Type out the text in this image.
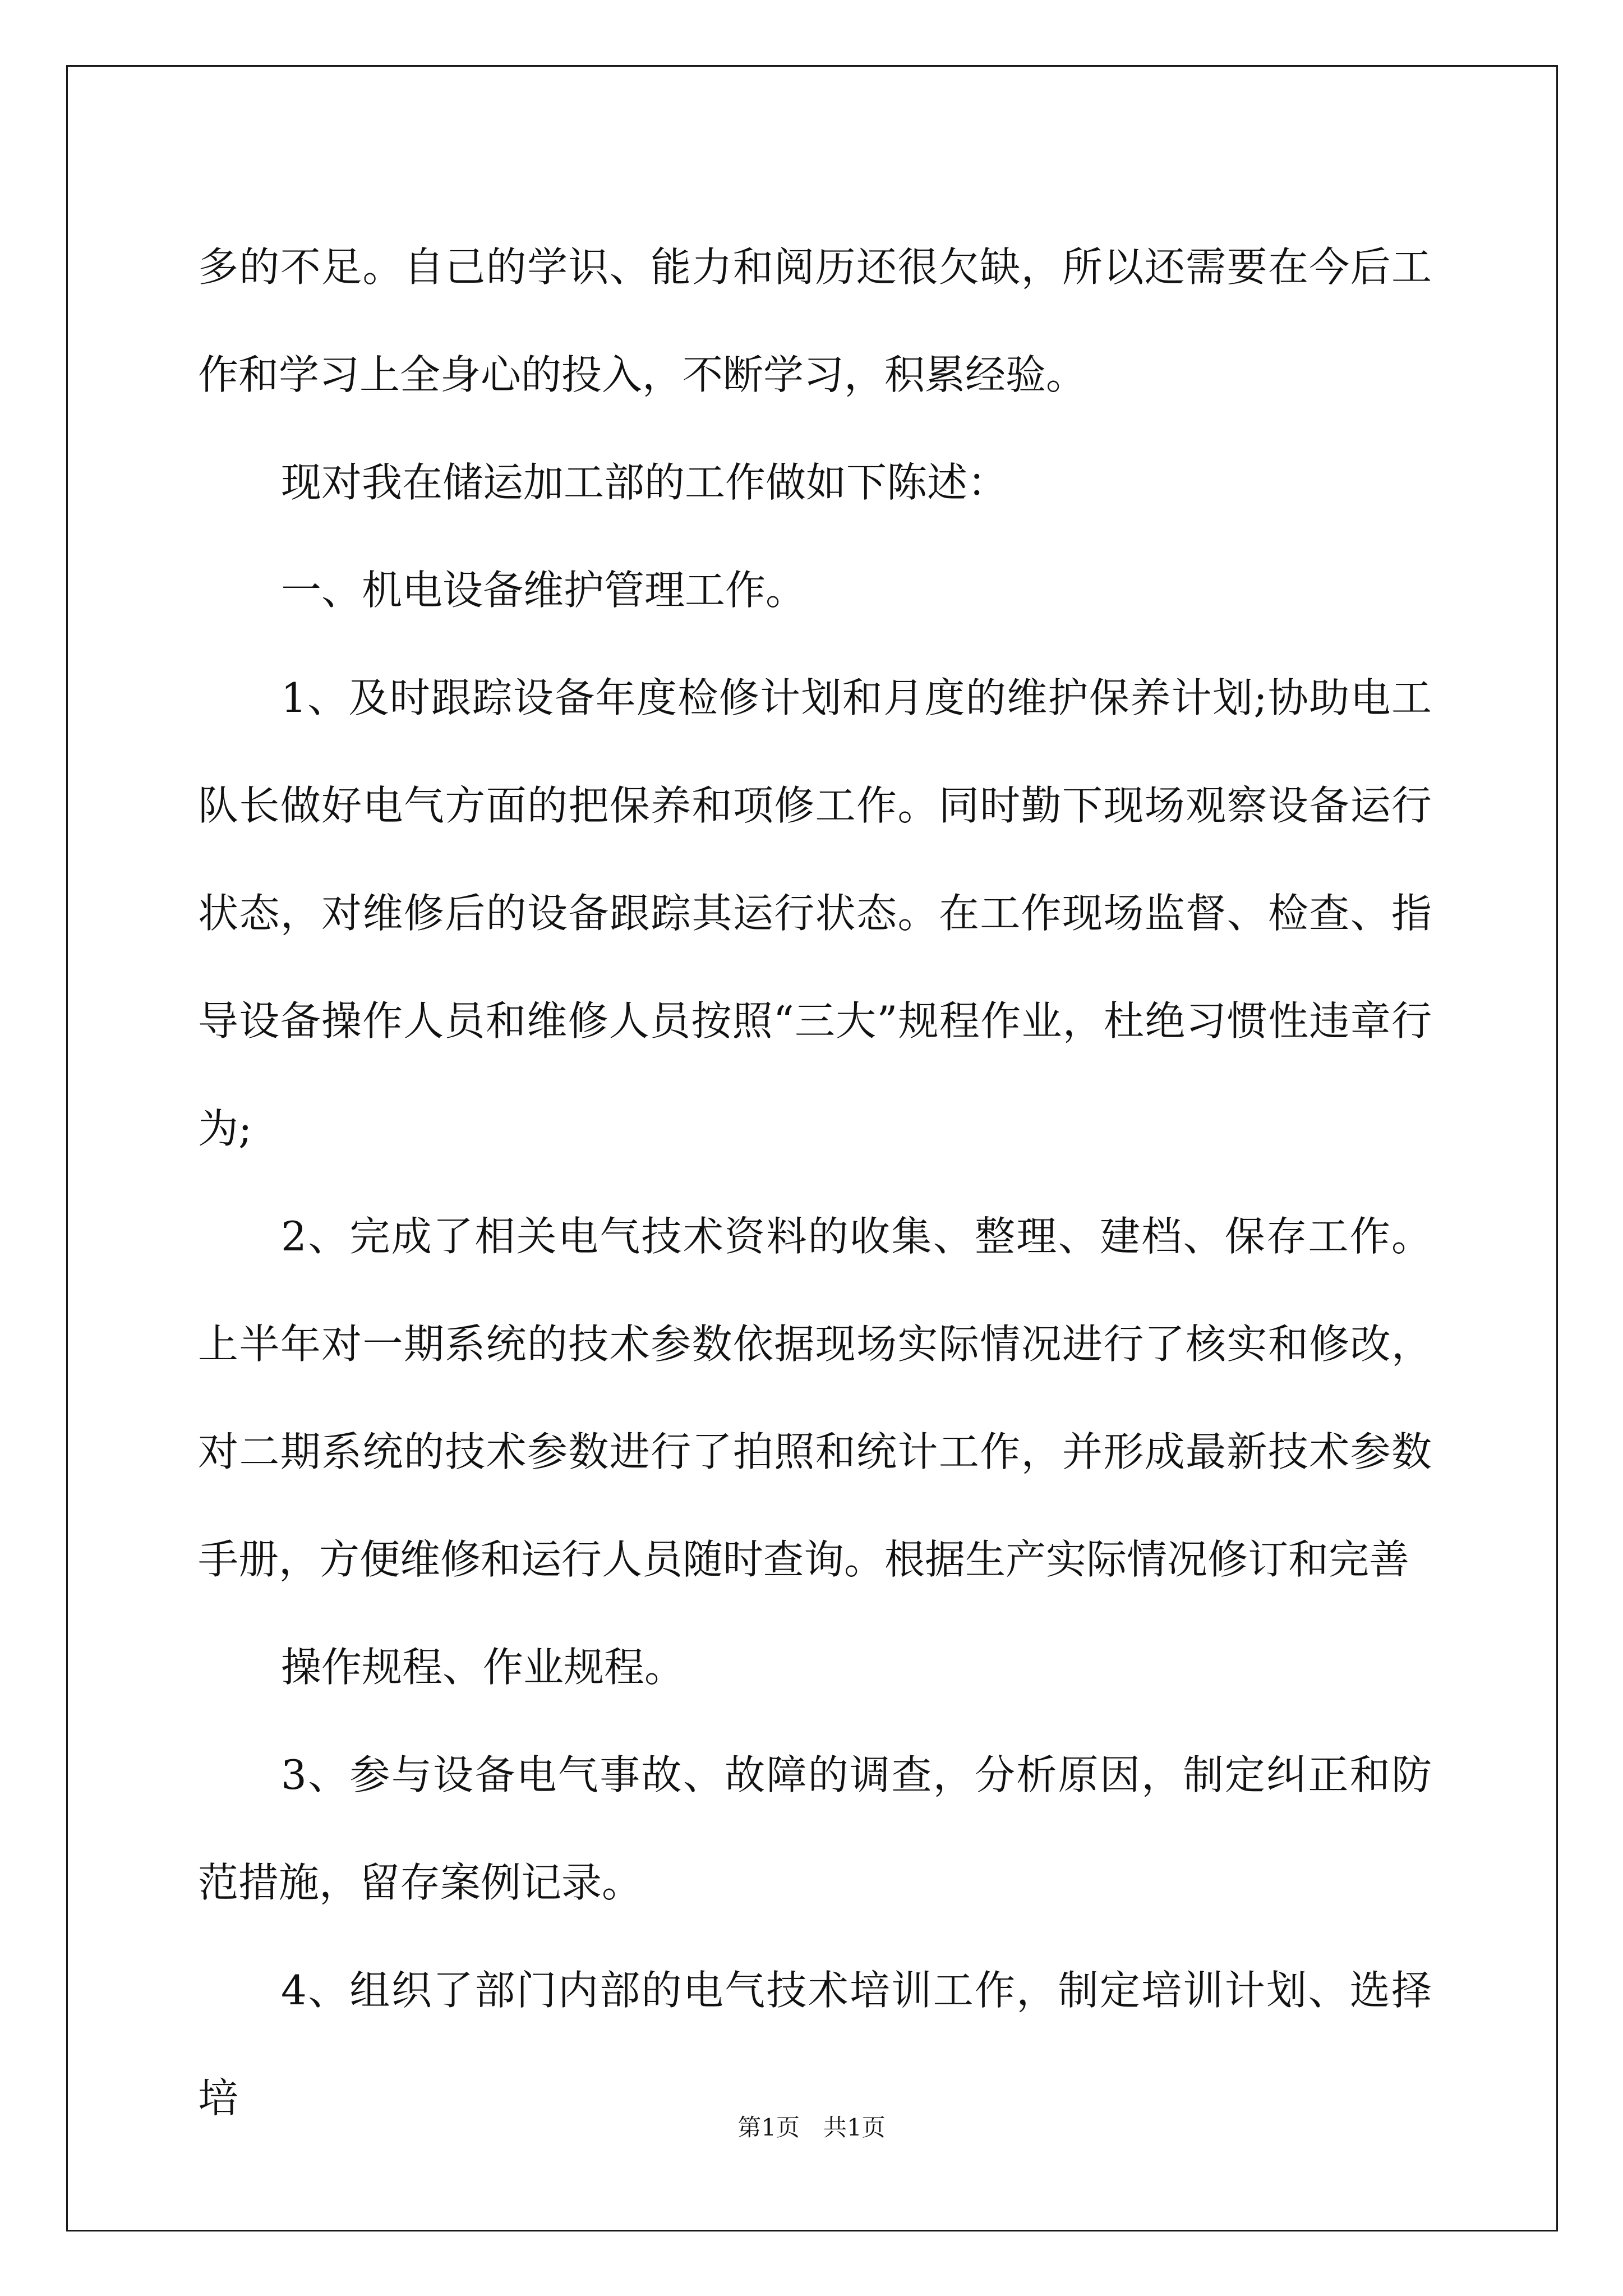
多的不足。自己的学识、能力和阅历还很欠缺，所以还需要在今后工作和学习上全身心的投入，不断学习，积累经验。

现对我在储运加工部的工作做如下陈述：

一、机电设备维护管理工作。

1、及时跟踪设备年度检修计划和月度的维护保养计划;协助电工队长做好电气方面的把保养和项修工作。同时勤下现场观察设备运行状态，对维修后的设备跟踪其运行状态。在工作现场监督、检查、指导设备操作人员和维修人员按照“三大”规程作业，杜绝习惯性违章行为;

2、完成了相关电气技术资料的收集、整理、建档、保存工作。上半年对一期系统的技术参数依据现场实际情况进行了核实和修改，对二期系统的技术参数进行了拍照和统计工作，并形成最新技术参数手册，方便维修和运行人员随时查询。根据生产实际情况修订和完善

操作规程、作业规程。

3、参与设备电气事故、故障的调查，分析原因，制定纠正和防范措施，留存案例记录。

4、组织了部门内部的电气技术培训工作，制定培训计划、选择培

第1页　共1页
